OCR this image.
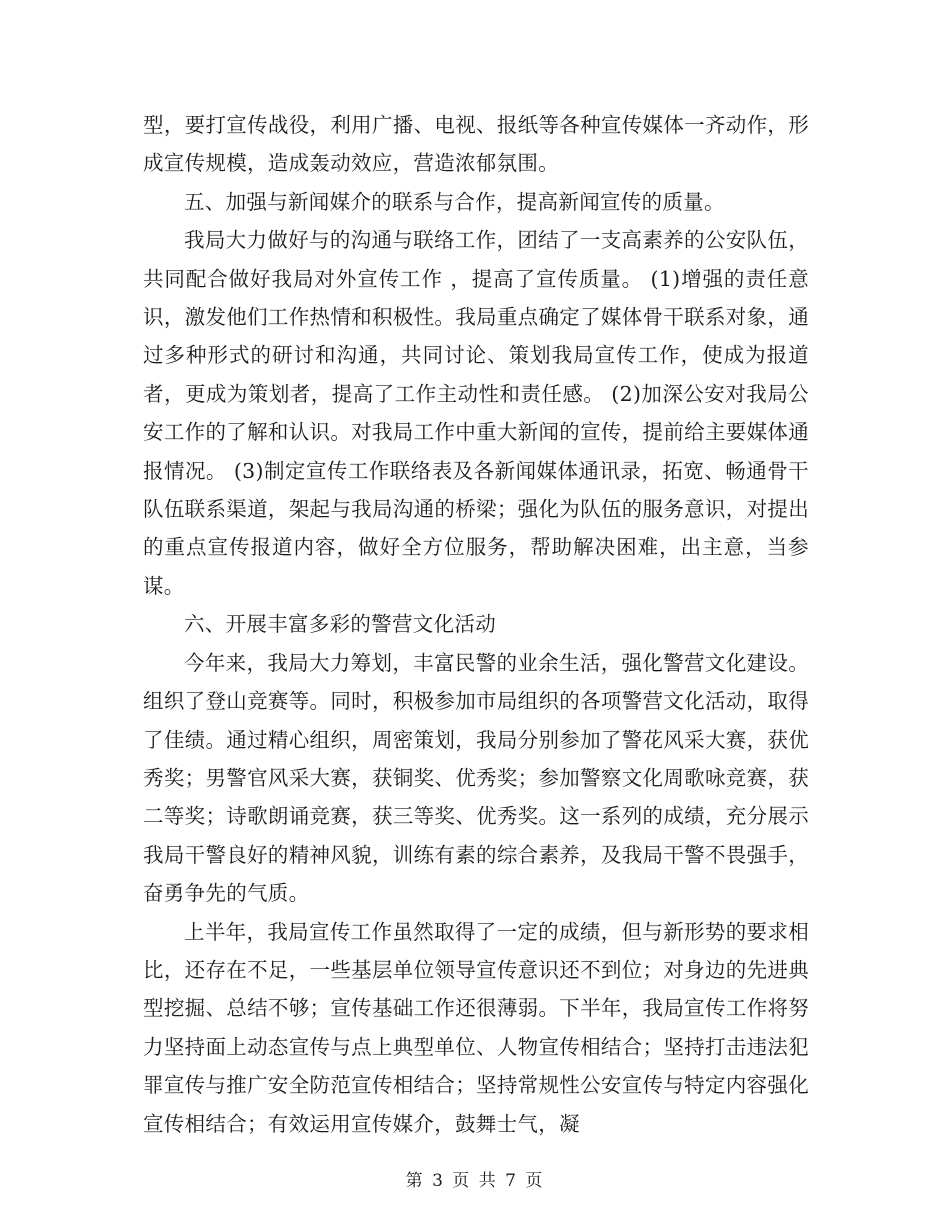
型，要打宣传战役，利用广播、电视、报纸等各种宣传媒体一齐动作，形成宣传规模，造成轰动效应，营造浓郁氛围。

五、加强与新闻媒介的联系与合作，提高新闻宣传的质量。

我局大力做好与的沟通与联络工作，团结了一支高素养的公安队伍，共同配合做好我局对外宣传工作 ，提高了宣传质量。 (1)增强的责任意识，激发他们工作热情和积极性。我局重点确定了媒体骨干联系对象，通过多种形式的研讨和沟通，共同讨论、策划我局宣传工作，使成为报道者，更成为策划者，提高了工作主动性和责任感。 (2)加深公安对我局公安工作的了解和认识。对我局工作中重大新闻的宣传，提前给主要媒体通报情况。 (3)制定宣传工作联络表及各新闻媒体通讯录，拓宽、畅通骨干队伍联系渠道，架起与我局沟通的桥梁；强化为队伍的服务意识，对提出的重点宣传报道内容，做好全方位服务，帮助解决困难，出主意，当参谋。

六、开展丰富多彩的警营文化活动

今年来，我局大力筹划，丰富民警的业余生活，强化警营文化建设。组织了登山竞赛等。同时，积极参加市局组织的各项警营文化活动，取得了佳绩。通过精心组织，周密策划，我局分别参加了警花风采大赛，获优秀奖；男警官风采大赛，获铜奖、优秀奖；参加警察文化周歌咏竞赛，获二等奖；诗歌朗诵竞赛，获三等奖、优秀奖。这一系列的成绩，充分展示我局干警良好的精神风貌，训练有素的综合素养，及我局干警不畏强手，奋勇争先的气质。

上半年，我局宣传工作虽然取得了一定的成绩，但与新形势的要求相比，还存在不足，一些基层单位领导宣传意识还不到位；对身边的先进典型挖掘、总结不够；宣传基础工作还很薄弱。下半年，我局宣传工作将努力坚持面上动态宣传与点上典型单位、人物宣传相结合；坚持打击违法犯罪宣传与推广安全防范宣传相结合；坚持常规性公安宣传与特定内容强化宣传相结合；有效运用宣传媒介，鼓舞士气，凝

第 3 页 共 7 页
